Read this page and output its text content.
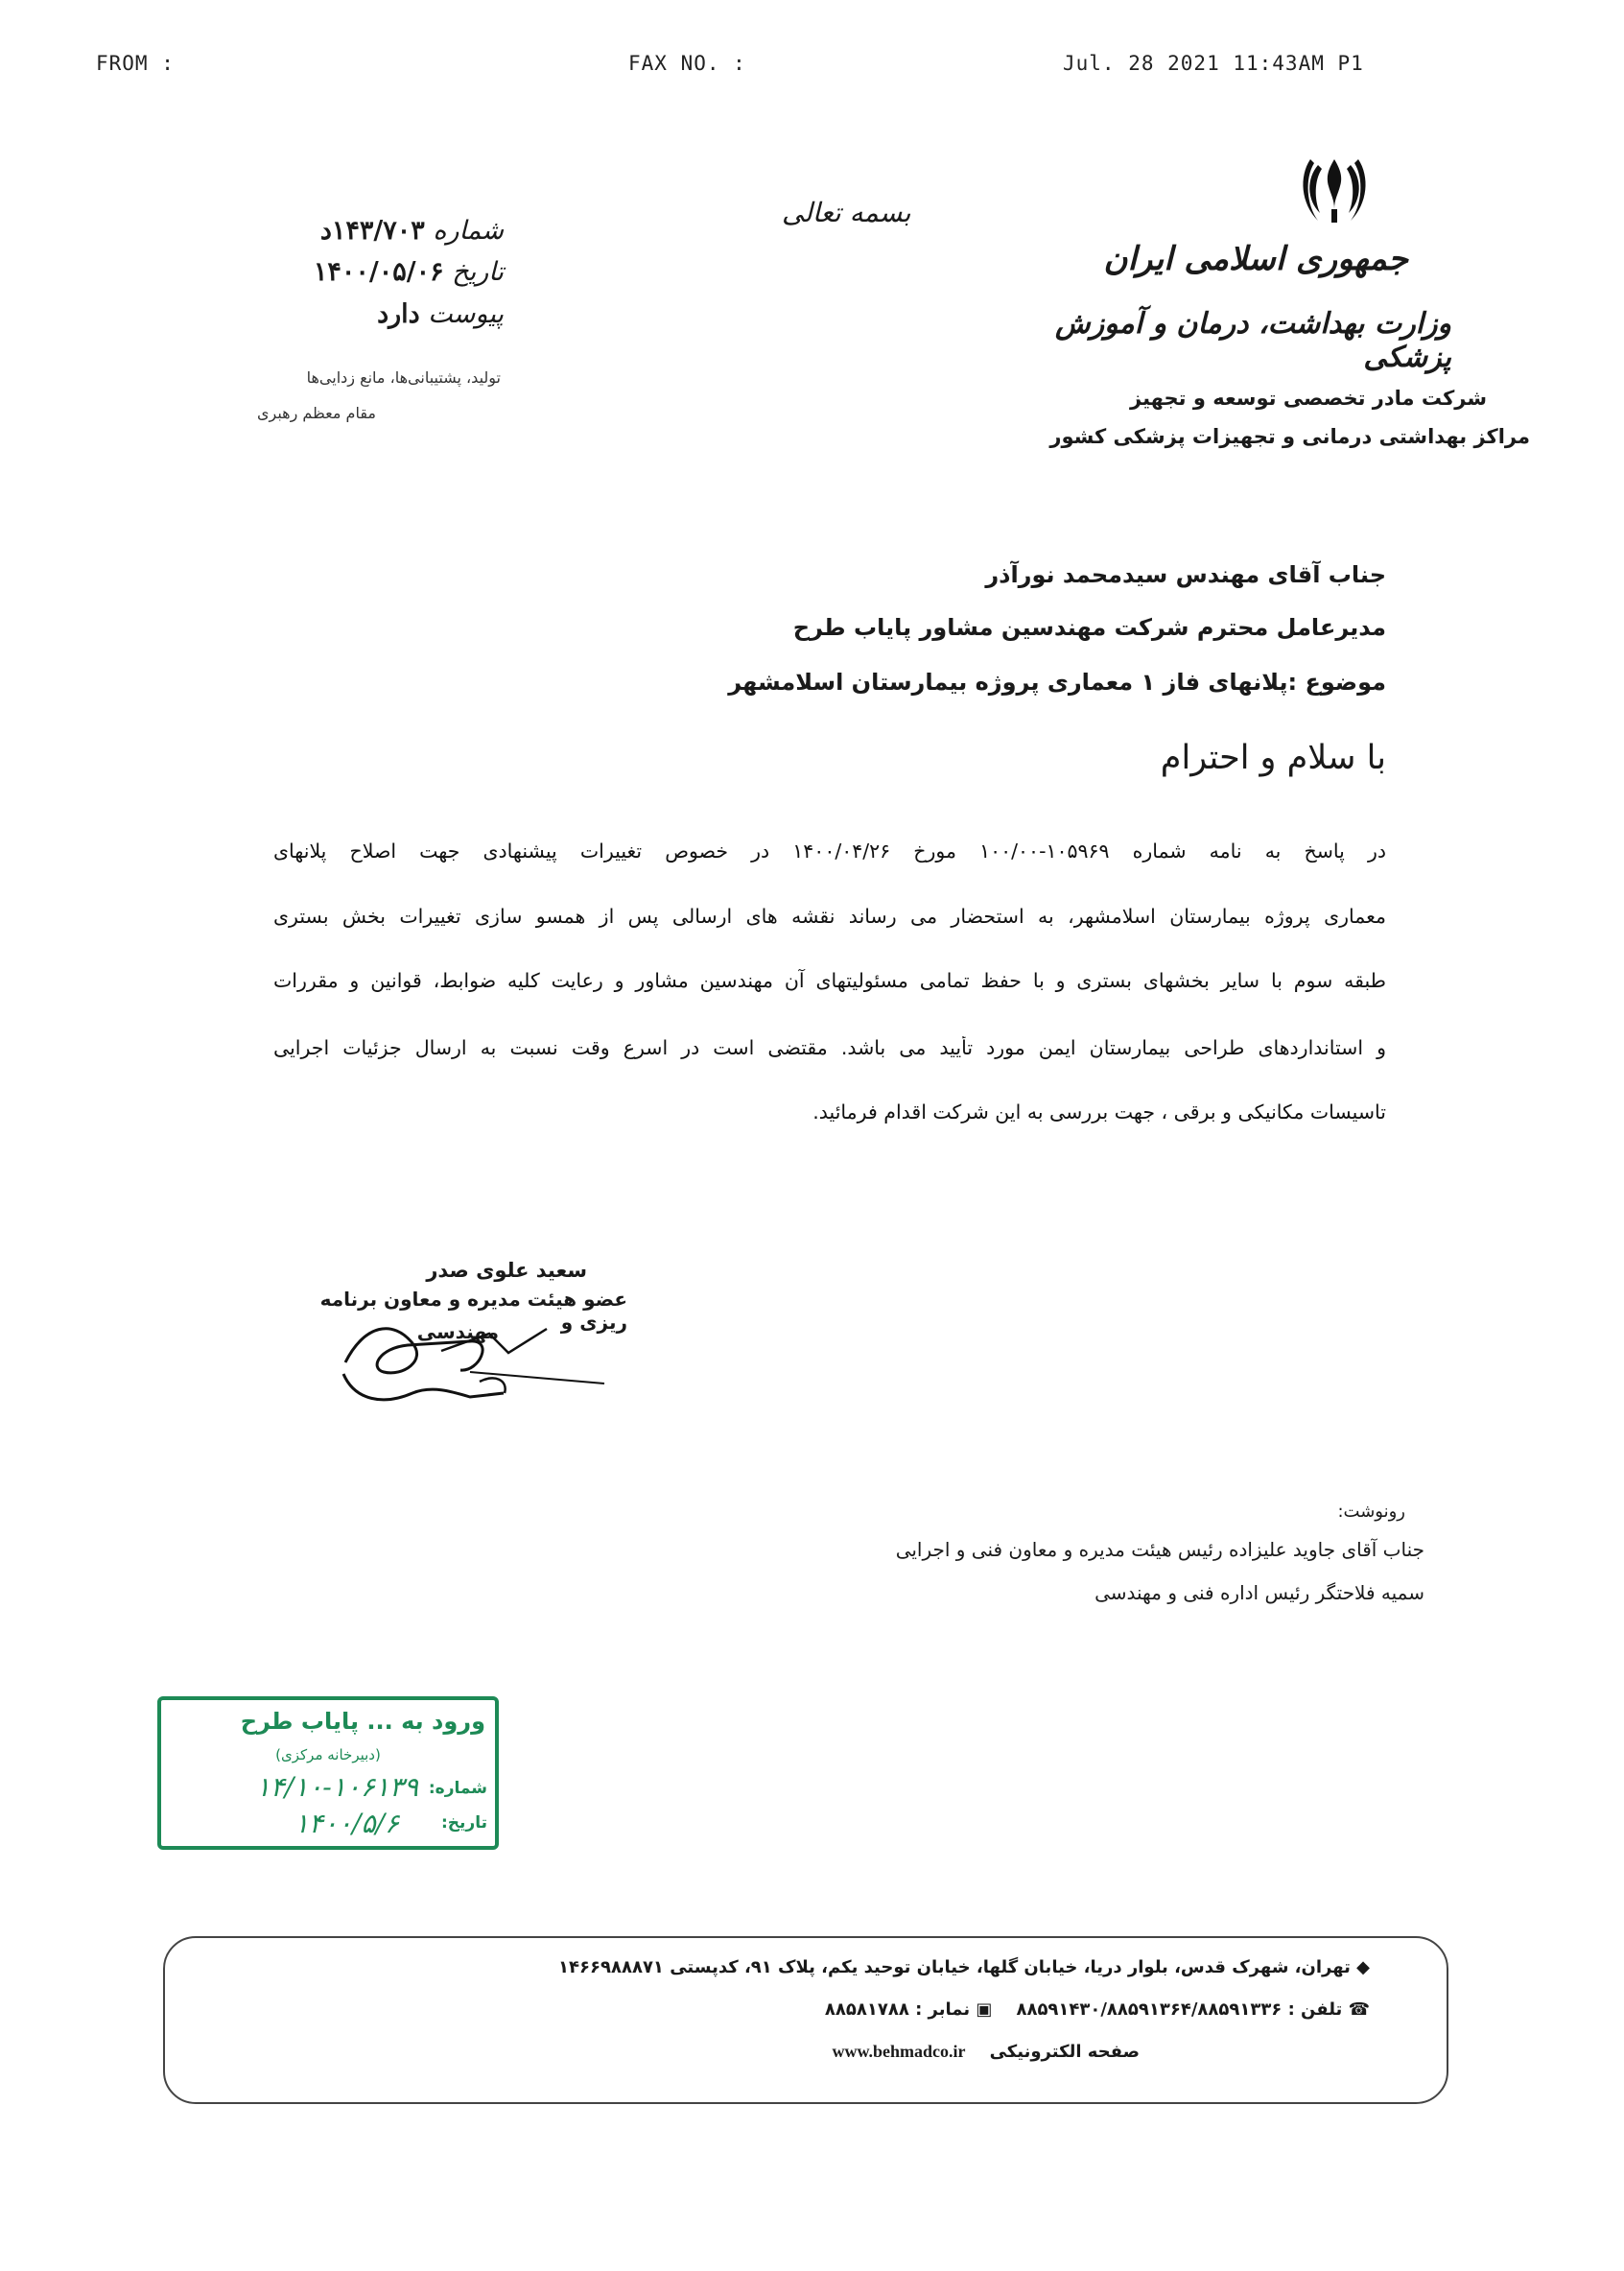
FROM :	FAX NO. :	Jul. 28 2021 11:43AM P1
بسمه تعالی
جمهوری اسلامی ایران
وزارت بهداشت، درمان و آموزش پزشکی
شرکت مادر تخصصی توسعه و تجهیز
مراکز بهداشتی درمانی و تجهیزات پزشکی کشور
شماره ۱۴۳/۷۰۳د
تاریخ ۱۴۰۰/۰۵/۰۶
پیوست دارد
تولید، پشتیبانی‌ها، مانع زدایی‌ها
مقام معظم رهبری
جناب آقای مهندس سیدمحمد نورآذر
مدیرعامل محترم شرکت مهندسین مشاور پایاب طرح
موضوع :پلانهای فاز ۱ معماری پروژه بیمارستان اسلامشهر
با سلام و احترام
در پاسخ به نامه شماره ۱۰۵۹۶۹-۱۰۰/۰۰ مورخ ۱۴۰۰/۰۴/۲۶ در خصوص تغییرات پیشنهادی جهت اصلاح پلانهای
معماری پروژه بیمارستان اسلامشهر، به استحضار می رساند نقشه های ارسالی پس از همسو سازی تغییرات بخش بستری
طبقه سوم با سایر بخشهای بستری و با حفظ تمامی مسئولیتهای آن مهندسین مشاور و رعایت کلیه ضوابط، قوانین و مقررات
و استانداردهای طراحی بیمارستان ایمن مورد تأیید می باشد. مقتضی است در اسرع وقت نسبت به ارسال جزئیات اجرایی
تاسیسات مکانیکی و برقی ، جهت بررسی به این شرکت اقدام فرمائید.
سعید علوی صدر
عضو هیئت مدیره و معاون برنامه ریزی و
مهندسی
رونوشت:
جناب آقای جاوید علیزاده رئیس هیئت مدیره و معاون فنی و اجرایی
سمیه فلاحتگر رئیس اداره فنی و مهندسی
ورود به ... پایاب طرح
(دبیرخانه مرکزی)
شماره:
۱۴/۱۰-۱۰۶۱۳۹
تاریخ:
۱۴۰۰/۵/۶
◆ تهران، شهرک قدس، بلوار دریا، خیابان گلها، خیابان توحید یکم، پلاک ۹۱، کدپستی ۱۴۶۶۹۸۸۸۷۱
☎ تلفن : ۸۸۵۹۱۴۳۰/۸۸۵۹۱۳۶۴/۸۸۵۹۱۳۳۶    ▣ نمابر : ۸۸۵۸۱۷۸۸
صفحه الکترونیکی    www.behmadco.ir
